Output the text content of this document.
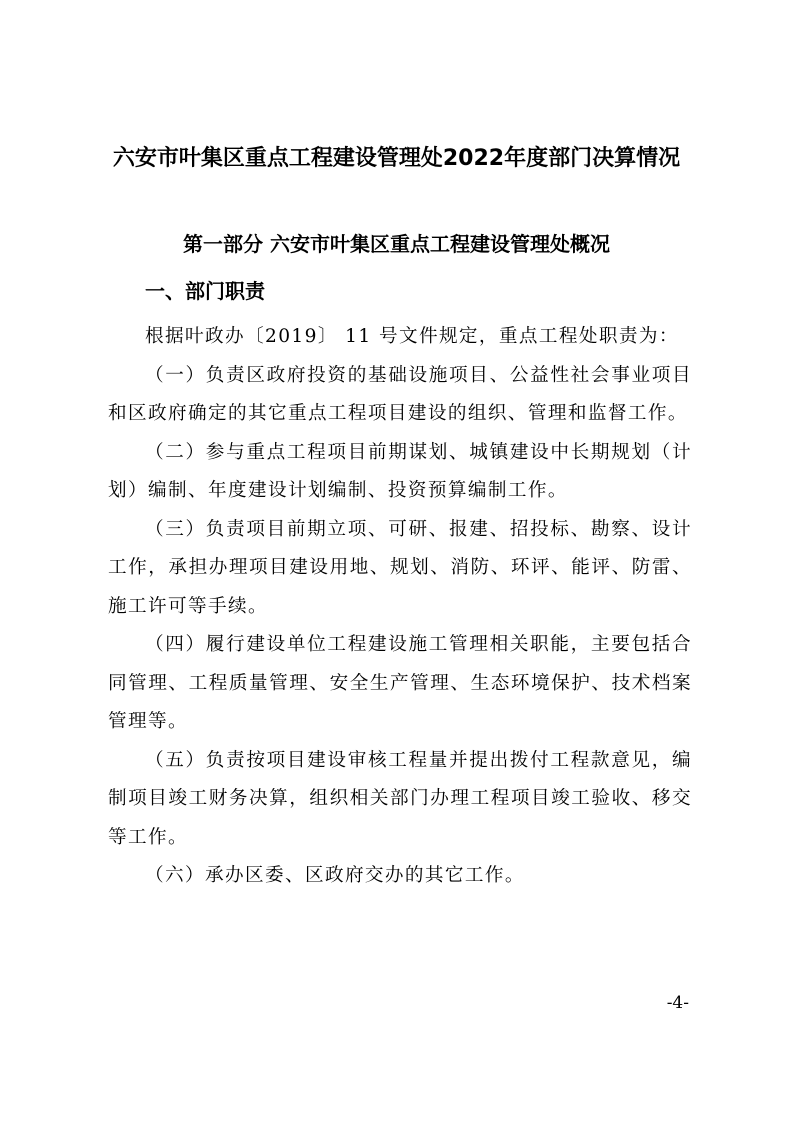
六安市叶集区重点工程建设管理处2022年度部门决算情况
第一部分 六安市叶集区重点工程建设管理处概况
一、部门职责

根据叶政办〔2019〕 11 号文件规定，重点工程处职责为：

（一）负责区政府投资的基础设施项目、公益性社会事业项目和区政府确定的其它重点工程项目建设的组织、管理和监督工作。

（二）参与重点工程项目前期谋划、城镇建设中长期规划（计划）编制、年度建设计划编制、投资预算编制工作。

（三）负责项目前期立项、可研、报建、招投标、勘察、设计工作，承担办理项目建设用地、规划、消防、环评、能评、防雷、施工许可等手续。

（四）履行建设单位工程建设施工管理相关职能，主要包括合同管理、工程质量管理、安全生产管理、生态环境保护、技术档案管理等。

（五）负责按项目建设审核工程量并提出拨付工程款意见，编制项目竣工财务决算，组织相关部门办理工程项目竣工验收、移交等工作。

（六）承办区委、区政府交办的其它工作。

-4-
